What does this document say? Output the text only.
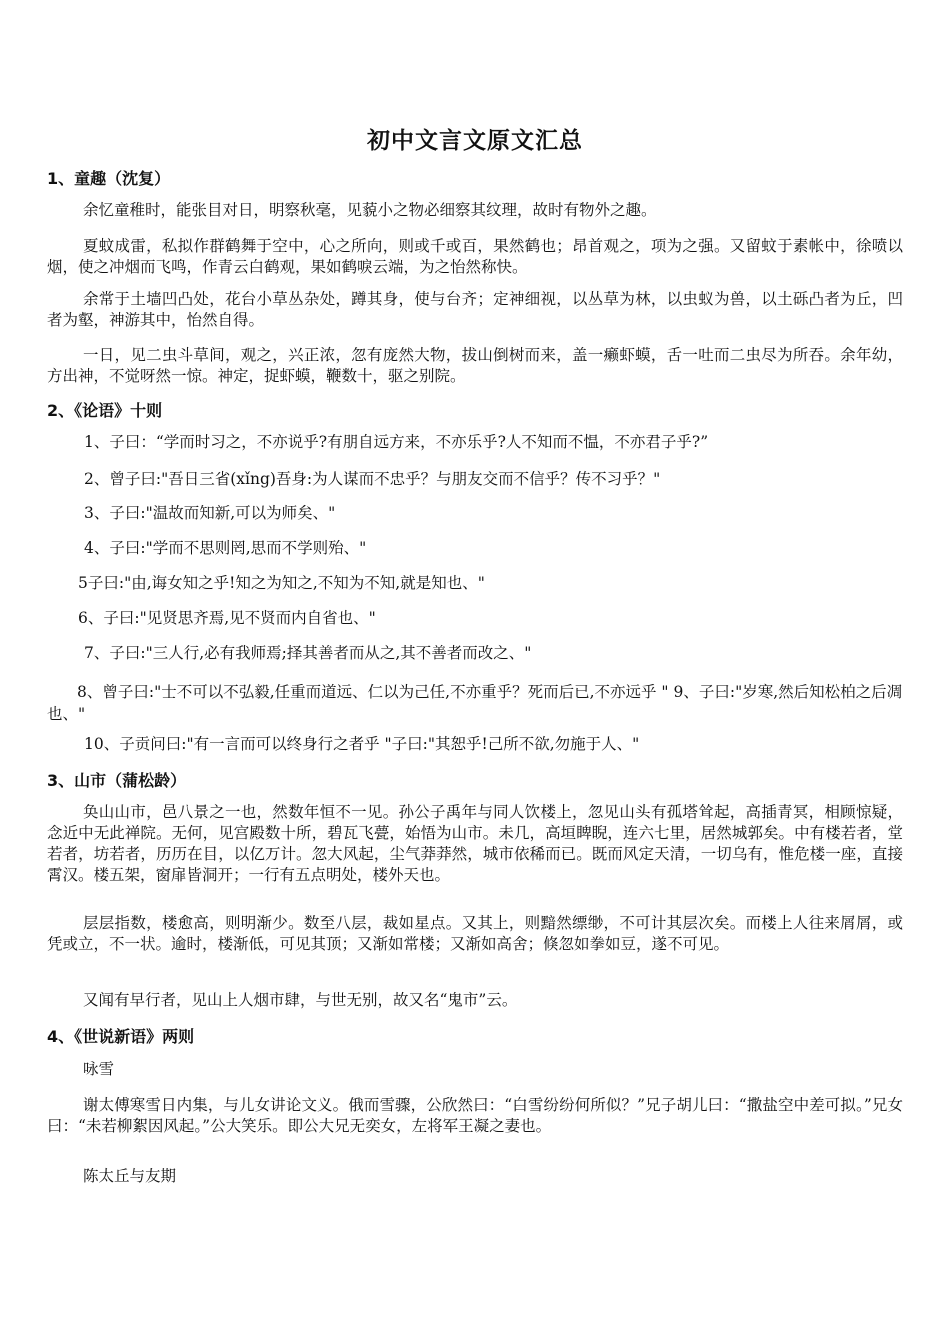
初中文言文原文汇总
1、童趣（沈复）
余忆童稚时，能张目对日，明察秋毫，见藐小之物必细察其纹理，故时有物外之趣。
夏蚊成雷，私拟作群鹤舞于空中，心之所向，则或千或百，果然鹤也；昂首观之，项为之强。又留蚊于素帐中，徐喷以烟，使之冲烟而飞鸣，作青云白鹤观，果如鹤唳云端，为之怡然称快。
余常于土墙凹凸处，花台小草丛杂处，蹲其身，使与台齐；定神细视，以丛草为林，以虫蚁为兽，以土砾凸者为丘，凹者为壑，神游其中，怡然自得。
一日，见二虫斗草间，观之，兴正浓，忽有庞然大物，拔山倒树而来，盖一癞虾蟆，舌一吐而二虫尽为所吞。余年幼，方出神，不觉呀然一惊。神定，捉虾蟆，鞭数十，驱之别院。
2、《论语》十则
1、子曰：“学而时习之，不亦说乎?有朋自远方来，不亦乐乎?人不知而不愠，不亦君子乎?”
2、曾子曰:"吾日三省(xǐng)吾身:为人谋而不忠乎？与朋友交而不信乎？传不习乎？"
3、子曰:"温故而知新,可以为师矣、"
4、子曰:"学而不思则罔,思而不学则殆、"
5子曰:"由,诲女知之乎!知之为知之,不知为不知,就是知也、"
6、子曰:"见贤思齐焉,见不贤而内自省也、"
7、子曰:"三人行,必有我师焉;择其善者而从之,其不善者而改之、"
8、曾子曰:"士不可以不弘毅,任重而道远、仁以为己任,不亦重乎？死而后已,不亦远乎 " 9、子曰:"岁寒,然后知松柏之后凋也、"
10、子贡问曰:"有一言而可以终身行之者乎 "子曰:"其恕乎!己所不欲,勿施于人、"
3、山市（蒲松龄）
奂山山市，邑八景之一也，然数年恒不一见。孙公子禹年与同人饮楼上，忽见山头有孤塔耸起，高插青冥，相顾惊疑，念近中无此禅院。无何，见宫殿数十所，碧瓦飞甍，始悟为山市。未几，高垣睥睨，连六七里，居然城郭矣。中有楼若者，堂若者，坊若者，历历在目，以亿万计。忽大风起，尘气莽莽然，城市依稀而已。既而风定天清，一切乌有，惟危楼一座，直接霄汉。楼五架，窗扉皆洞开；一行有五点明处，楼外天也。
层层指数，楼愈高，则明渐少。数至八层，裁如星点。又其上，则黯然缥缈，不可计其层次矣。而楼上人往来屑屑，或凭或立，不一状。逾时，楼渐低，可见其顶；又渐如常楼；又渐如高舍；倏忽如拳如豆，遂不可见。
又闻有早行者，见山上人烟市肆，与世无别，故又名“鬼市”云。
4、《世说新语》两则
咏雪
谢太傅寒雪日内集，与儿女讲论文义。俄而雪骤，公欣然曰：“白雪纷纷何所似？”兄子胡儿曰：“撒盐空中差可拟。”兄女曰：“未若柳絮因风起。”公大笑乐。即公大兄无奕女，左将军王凝之妻也。
陈太丘与友期
